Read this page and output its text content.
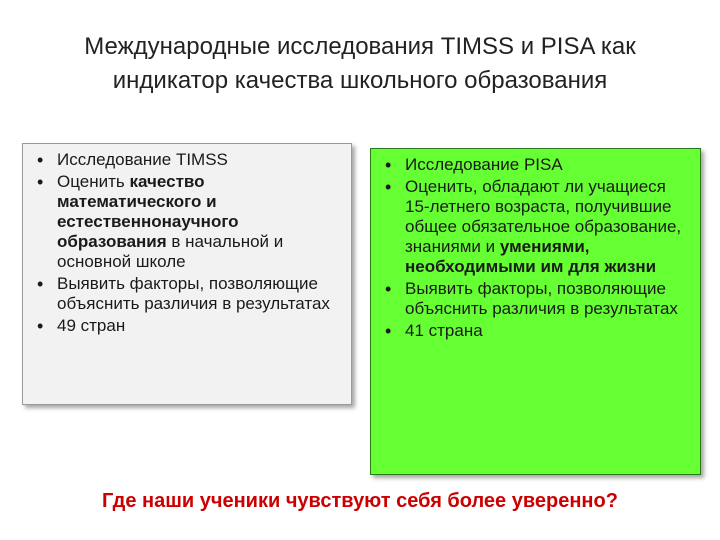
Международные исследования TIMSS и PISA как
индикатор качества школьного образования
• Исследование TIMSS
• Оценить качество математического и естественнонаучного образования в начальной и основной школе
• Выявить факторы, позволяющие объяснить различия в результатах
• 49 стран
• Исследование PISA
• Оценить, обладают ли учащиеся 15-летнего возраста, получившие общее обязательное образование, знаниями и умениями, необходимыми им для жизни
• Выявить факторы, позволяющие объяснить различия в результатах
• 41 страна
Где наши ученики чувствуют себя более уверенно?
